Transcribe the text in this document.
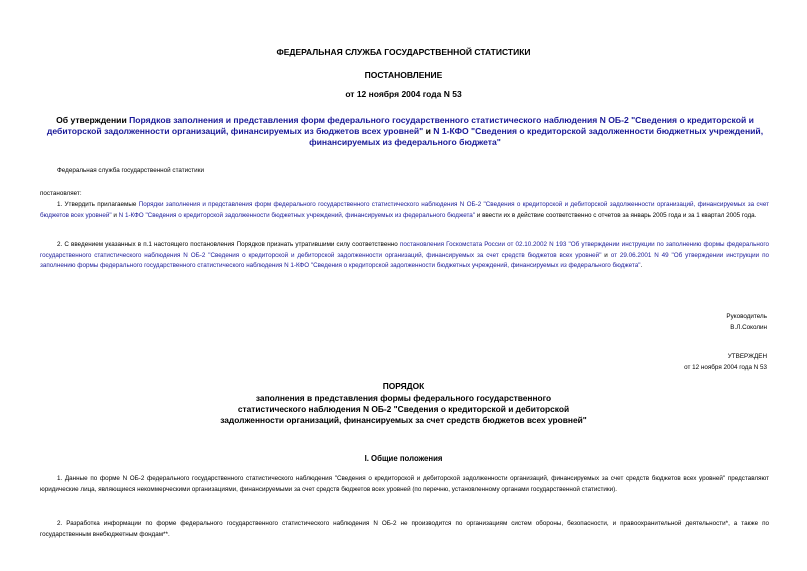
ФЕДЕРАЛЬНАЯ СЛУЖБА ГОСУДАРСТВЕННОЙ СТАТИСТИКИ
ПОСТАНОВЛЕНИЕ
от 12 ноября 2004 года N 53
Об утверждении Порядков заполнения и представления форм федерального государственного статистического наблюдения N ОБ-2 "Сведения о кредиторской и дебиторской задолженности организаций, финансируемых из бюджетов всех уровней" и N 1-КФО "Сведения о кредиторской задолженности бюджетных учреждений, финансируемых из федерального бюджета"
Федеральная служба государственной статистики
постановляет:
1. Утвердить прилагаемые Порядки заполнения и представления форм федерального государственного статистического наблюдения N ОБ-2 "Сведения о кредиторской и дебиторской задолженности организаций, финансируемых за счет бюджетов всех уровней" и N 1-КФО "Сведения о кредиторской задолженности бюджетных учреждений, финансируемых из федерального бюджета" и ввести их в действие соответственно с отчетов за январь 2005 года и за 1 квартал 2005 года.
2. С введением указанных в п.1 настоящего постановления Порядков признать утратившими силу соответственно постановления Госкомстата России от 02.10.2002 N 193 "Об утверждении инструкции по заполнению формы федерального государственного статистического наблюдения N ОБ-2 "Сведения о кредиторской и дебиторской задолженности организаций, финансируемых за счет средств бюджетов всех уровней" и от 29.06.2001 N 49 "Об утверждении инструкции по заполнению формы федерального государственного статистического наблюдения N 1-КФО "Сведения о кредиторской задолженности бюджетных учреждений, финансируемых из федерального бюджета".
Руководитель
В.Л.Соколин
УТВЕРЖДЕН
от 12 ноября 2004 года N 53
ПОРЯДОК
заполнения в представления формы федерального государственного
статистического наблюдения N ОБ-2 "Сведения о кредиторской и дебиторской
задолженности организаций, финансируемых за счет средств бюджетов всех уровней"
I. Общие положения
1. Данные по форме N ОБ-2 федерального государственного статистического наблюдения "Сведения о кредиторской и дебиторской задолженности организаций, финансируемых за счет средств бюджетов всех уровней" представляют юридические лица, являющиеся некоммерческими организациями, финансируемыми за счет средств бюджетов всех уровней (по перечню, установленному органами государственной статистики).
2. Разработка информации по форме федерального государственного статистического наблюдения N ОБ-2 не производится по организациям систем обороны, безопасности, и правоохранительной деятельности*, а также по государственным внебюджетным фондам**.
